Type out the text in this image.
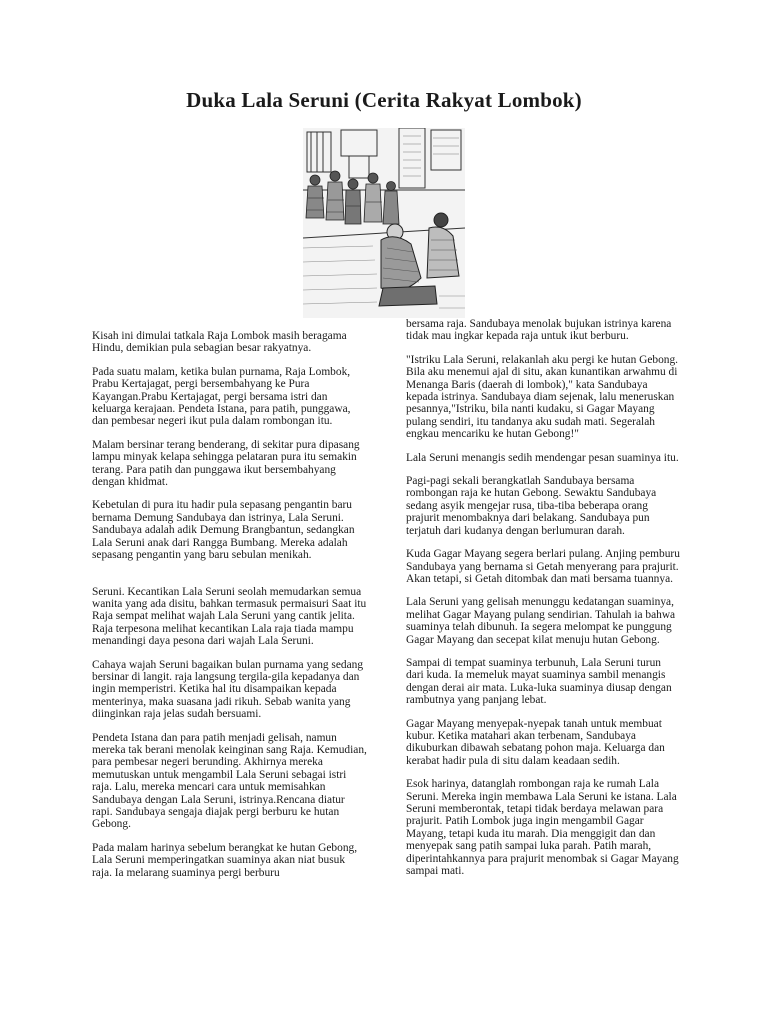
Duka Lala Seruni (Cerita Rakyat Lombok)

Kisah ini dimulai tatkala Raja Lombok masih beragama Hindu, demikian pula sebagian besar rakyatnya.

Pada suatu malam, ketika bulan purnama, Raja Lombok, Prabu Kertajagat, pergi bersembahyang ke Pura Kayangan.Prabu Kertajagat, pergi bersama istri dan keluarga kerajaan. Pendeta Istana, para patih, punggawa, dan pembesar negeri ikut pula dalam rombongan itu.

Malam bersinar terang benderang, di sekitar pura dipasang lampu minyak kelapa sehingga pelataran pura itu semakin terang. Para patih dan punggawa ikut bersembahyang dengan khidmat.

Kebetulan di pura itu hadir pula sepasang pengantin baru bernama Demung Sandubaya dan istrinya, Lala Seruni. Sandubaya adalah adik Demung Brangbantun, sedangkan Lala Seruni anak dari Rangga Bumbang. Mereka adalah sepasang pengantin yang baru sebulan menikah.

Seruni. Kecantikan Lala Seruni seolah memudarkan semua wanita yang ada disitu, bahkan termasuk permaisuri Saat itu Raja sempat melihat wajah Lala Seruni yang cantik jelita. Raja terpesona melihat kecantikan Lala raja tiada mampu menandingi daya pesona dari wajah Lala Seruni.

Cahaya wajah Seruni bagaikan bulan purnama yang sedang bersinar di langit. raja langsung tergila-gila kepadanya dan ingin memperistri. Ketika hal itu disampaikan kepada menterinya, maka suasana jadi rikuh. Sebab wanita yang diinginkan raja jelas sudah bersuami.

Pendeta Istana dan para patih menjadi gelisah, namun mereka tak berani menolak keinginan sang Raja. Kemudian, para pembesar negeri berunding. Akhirnya mereka memutuskan untuk mengambil Lala Seruni sebagai istri raja. Lalu, mereka mencari cara untuk memisahkan Sandubaya dengan Lala Seruni, istrinya.Rencana diatur rapi. Sandubaya sengaja diajak pergi berburu ke hutan Gebong.

Pada malam harinya sebelum berangkat ke hutan Gebong, Lala Seruni memperingatkan suaminya akan niat busuk raja. Ia melarang suaminya pergi berburu

bersama raja. Sandubaya menolak bujukan istrinya karena tidak mau ingkar kepada raja untuk ikut berburu.

"Istriku Lala Seruni, relakanlah aku pergi ke hutan Gebong. Bila aku menemui ajal di situ, akan kunantikan arwahmu di Menanga Baris (daerah di lombok)," kata Sandubaya kepada istrinya. Sandubaya diam sejenak, lalu meneruskan pesannya,"Istriku, bila nanti kudaku, si Gagar Mayang pulang sendiri, itu tandanya aku sudah mati. Segeralah engkau mencariku ke hutan Gebong!"

Lala Seruni menangis sedih mendengar pesan suaminya itu.

Pagi-pagi sekali berangkatlah Sandubaya bersama rombongan raja ke hutan Gebong. Sewaktu Sandubaya sedang asyik mengejar rusa, tiba-tiba beberapa orang prajurit menombaknya dari belakang. Sandubaya pun terjatuh dari kudanya dengan berlumuran darah.

Kuda Gagar Mayang segera berlari pulang. Anjing pemburu Sandubaya yang bernama si Getah menyerang para prajurit. Akan tetapi, si Getah ditombak dan mati bersama tuannya.

Lala Seruni yang gelisah menunggu kedatangan suaminya, melihat Gagar Mayang pulang sendirian. Tahulah ia bahwa suaminya telah dibunuh. Ia segera melompat ke punggung Gagar Mayang dan secepat kilat menuju hutan Gebong.

Sampai di tempat suaminya terbunuh, Lala Seruni turun dari kuda. Ia memeluk mayat suaminya sambil menangis dengan derai air mata. Luka-luka suaminya diusap dengan rambutnya yang panjang lebat.

Gagar Mayang menyepak-nyepak tanah untuk membuat kubur. Ketika matahari akan terbenam, Sandubaya dikuburkan dibawah sebatang pohon maja. Keluarga dan kerabat hadir pula di situ dalam keadaan sedih.

Esok harinya, datanglah rombongan raja ke rumah Lala Seruni. Mereka ingin membawa Lala Seruni ke istana. Lala Seruni memberontak, tetapi tidak berdaya melawan para prajurit. Patih Lombok juga ingin mengambil Gagar Mayang, tetapi kuda itu marah. Dia menggigit dan dan menyepak sang patih sampai luka parah. Patih marah, diperintahkannya para prajurit menombak si Gagar Mayang sampai mati.
